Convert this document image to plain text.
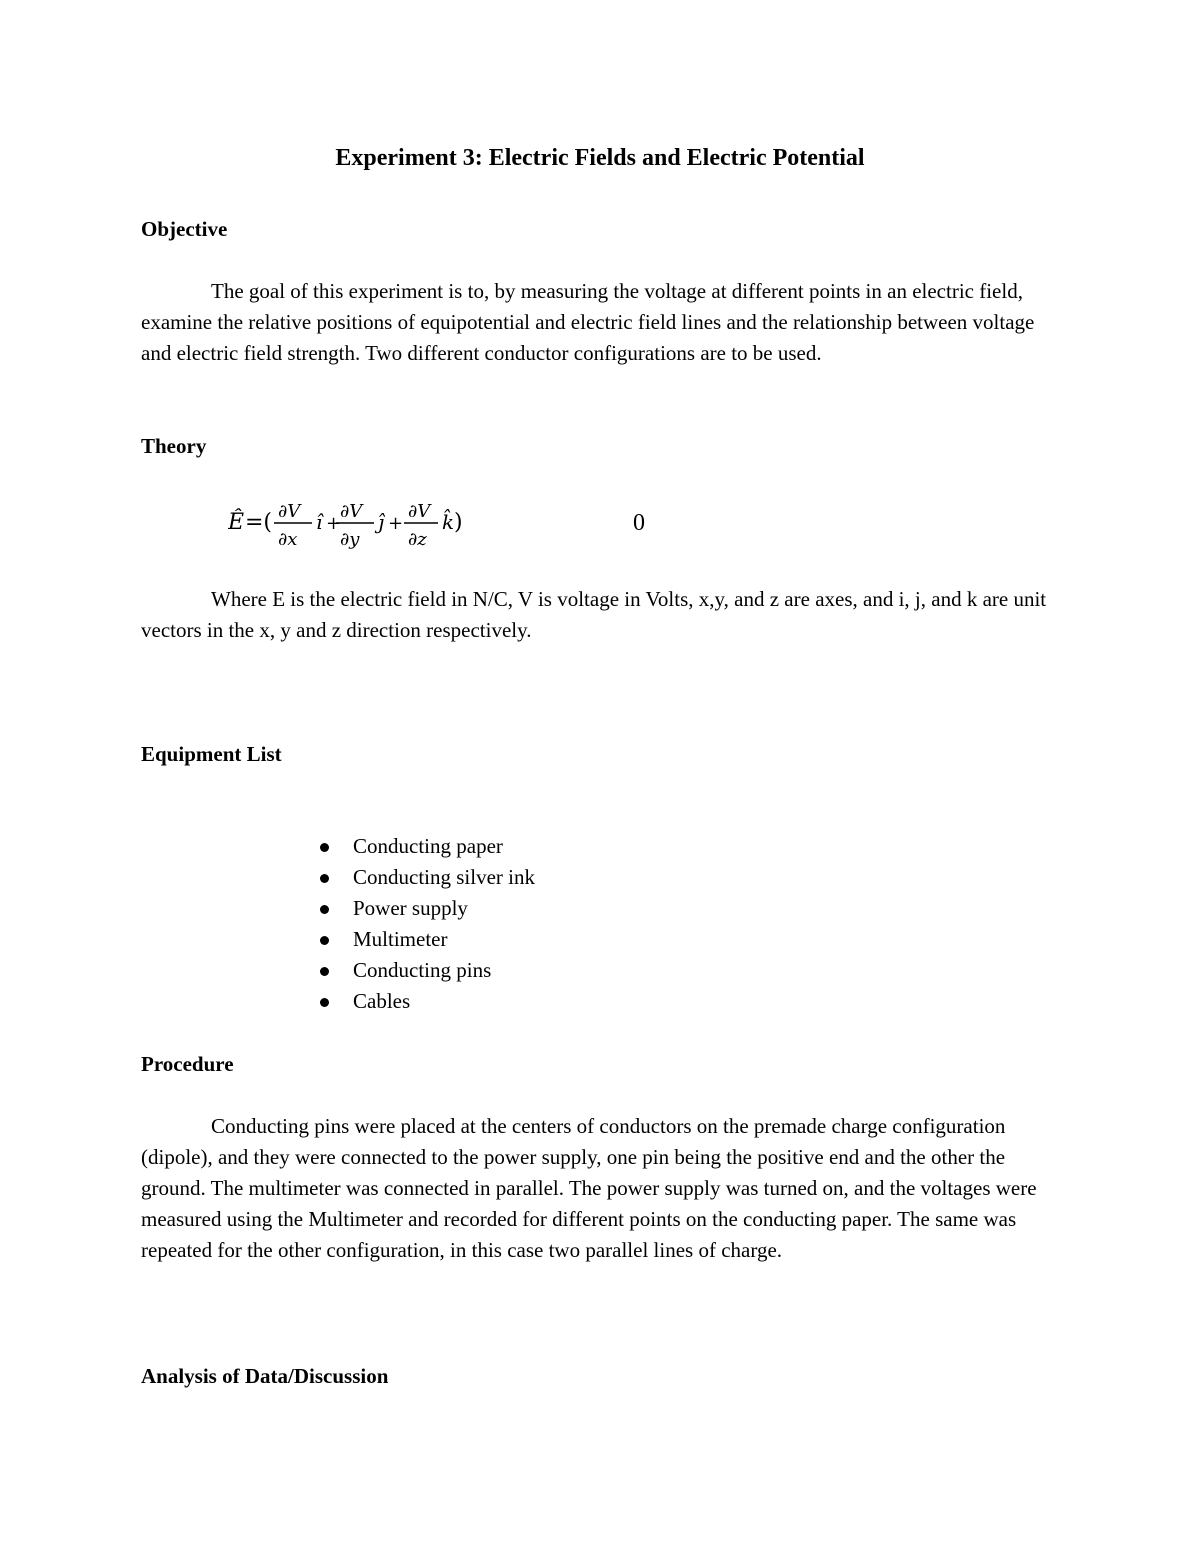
Experiment 3: Electric Fields and Electric Potential
Objective

The goal of this experiment is to, by measuring the voltage at different points in an electric field, examine the relative positions of equipotential and electric field lines and the relationship between voltage and electric field strength. Two different conductor configurations are to be used.

Theory
Ê =( ∂V
∂x
î +
∂V
∂y
ĵ +
∂V
∂z
k̂ )	0

Where E is the electric field in N/C, V is voltage in Volts, x,y, and z are axes, and i, j, and k are unit vectors in the x, y and z direction respectively.

Equipment List
Conducting paper
Conducting silver ink
Power supply
Multimeter
Conducting pins
Cables
Procedure

Conducting pins were placed at the centers of conductors on the premade charge configuration (dipole), and they were connected to the power supply, one pin being the positive end and the other the ground. The multimeter was connected in parallel. The power supply was turned on, and the voltages were measured using the Multimeter and recorded for different points on the conducting paper. The same was repeated for the other configuration, in this case two parallel lines of charge.

Analysis of Data/Discussion
